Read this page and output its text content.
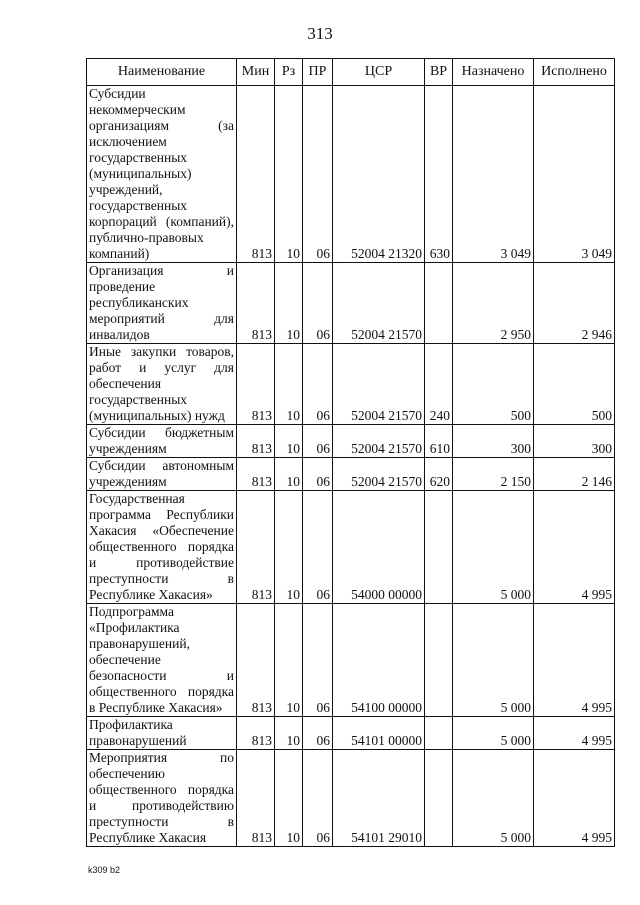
313
Наименование	Мин	Рз	ПР	ЦСР	ВР	Назначено	Исполнено
Субсидии некоммерческим организациям (за исключением государственных (муниципальных) учреждений, государственных корпораций (компаний), публично-правовых компаний)	813	10	06	52004 21320	630	3 049	3 049
Организация и проведение республиканских мероприятий для инвалидов	813	10	06	52004 21570		2 950	2 946
Иные закупки товаров, работ и услуг для обеспечения государственных (муниципальных) нужд	813	10	06	52004 21570	240	500	500
Субсидии бюджетным учреждениям	813	10	06	52004 21570	610	300	300
Субсидии автономным учреждениям	813	10	06	52004 21570	620	2 150	2 146
Государственная программа Республики Хакасия «Обеспечение общественного порядка и противодействие преступности в Республике Хакасия»	813	10	06	54000 00000		5 000	4 995
Подпрограмма «Профилактика правонарушений, обеспечение безопасности и общественного порядка в Республике Хакасия»	813	10	06	54100 00000		5 000	4 995
Профилактика правонарушений	813	10	06	54101 00000		5 000	4 995
Мероприятия по обеспечению общественного порядка и противодействию преступности в Республике Хакасия	813	10	06	54101 29010		5 000	4 995
k309 b2
